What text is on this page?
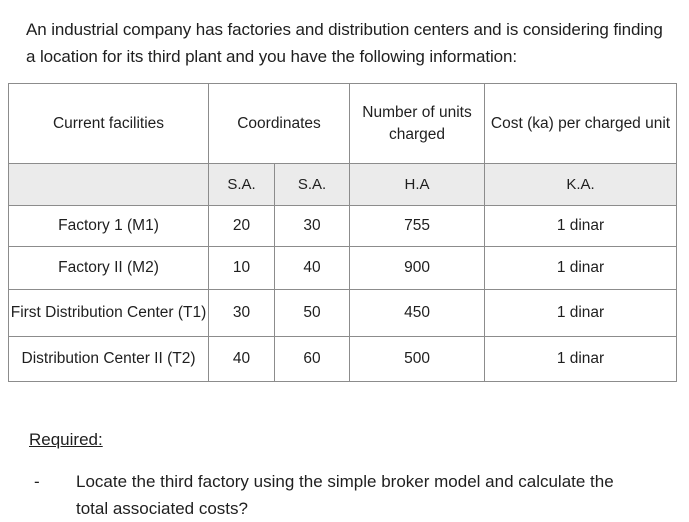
An industrial company has factories and distribution centers and is considering finding a location for its third plant and you have the following information:
Current facilities	Coordinates		Number of units charged	Cost (ka) per charged unit
	S.A.	S.A.	H.A	K.A.
Factory 1 (M1)	20	30	755	1 dinar
Factory II (M2)	10	40	900	1 dinar
First Distribution Center (T1)	30	50	450	1 dinar
Distribution Center II (T2)	40	60	500	1 dinar
Required:
-	Locate the third factory using the simple broker model and calculate the total associated costs?
